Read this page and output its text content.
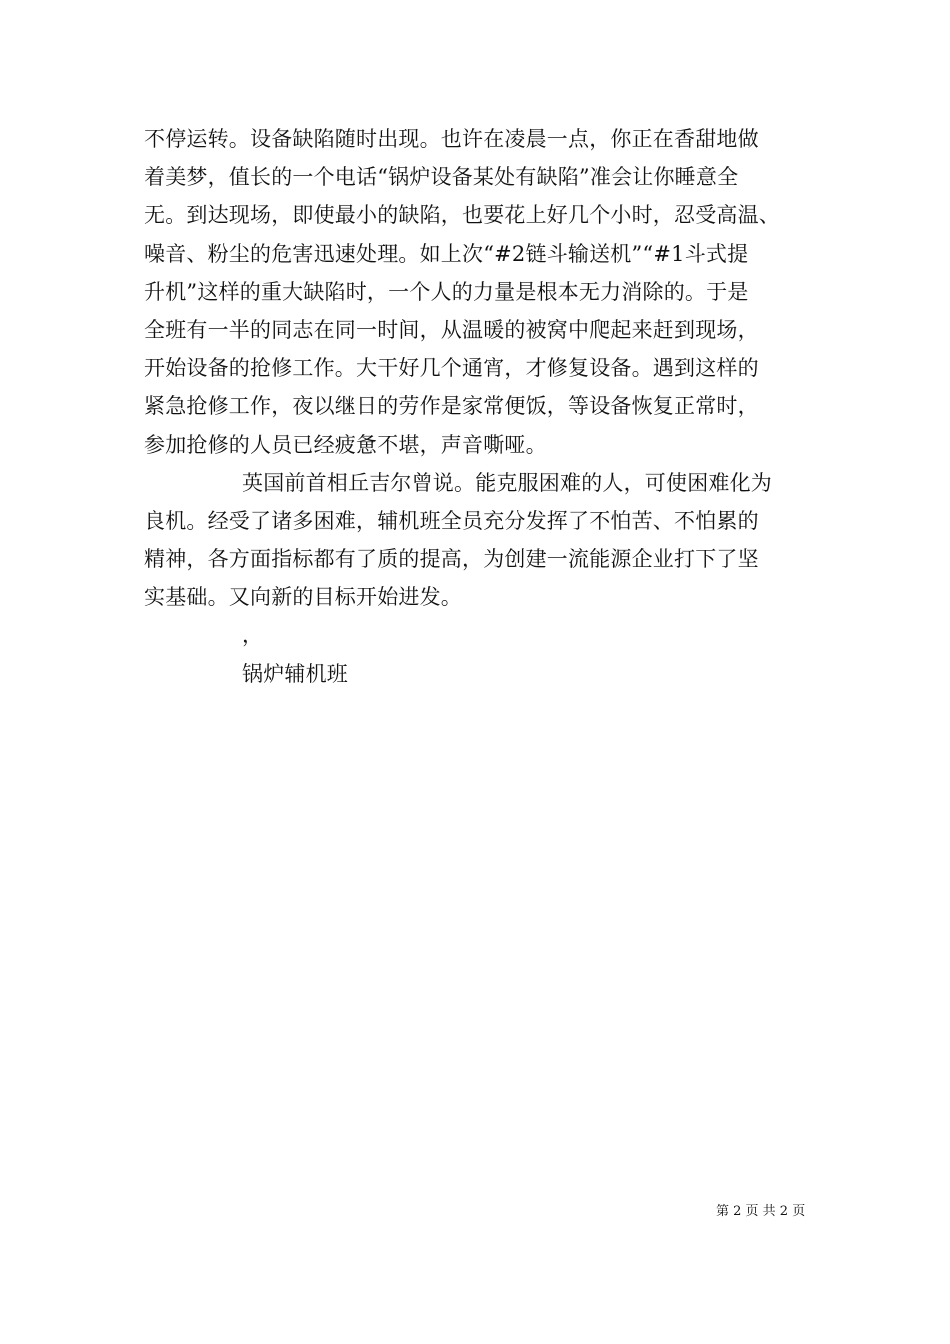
不停运转。设备缺陷随时出现。也许在凌晨一点，你正在香甜地做
着美梦，值长的一个电话“锅炉设备某处有缺陷”准会让你睡意全
无。到达现场，即使最小的缺陷，也要花上好几个小时，忍受高温、
噪音、粉尘的危害迅速处理。如上次“#2链斗输送机”“#1斗式提
升机”这样的重大缺陷时，一个人的力量是根本无力消除的。于是
全班有一半的同志在同一时间，从温暖的被窝中爬起来赶到现场，
开始设备的抢修工作。大干好几个通宵，才修复设备。遇到这样的
紧急抢修工作，夜以继日的劳作是家常便饭，等设备恢复正常时，
参加抢修的人员已经疲惫不堪，声音嘶哑。
英国前首相丘吉尔曾说。能克服困难的人，可使困难化为
良机。经受了诸多困难，辅机班全员充分发挥了不怕苦、不怕累的
精神，各方面指标都有了质的提高，为创建一流能源企业打下了坚
实基础。又向新的目标开始进发。
，
锅炉辅机班
第 2 页 共 2 页
